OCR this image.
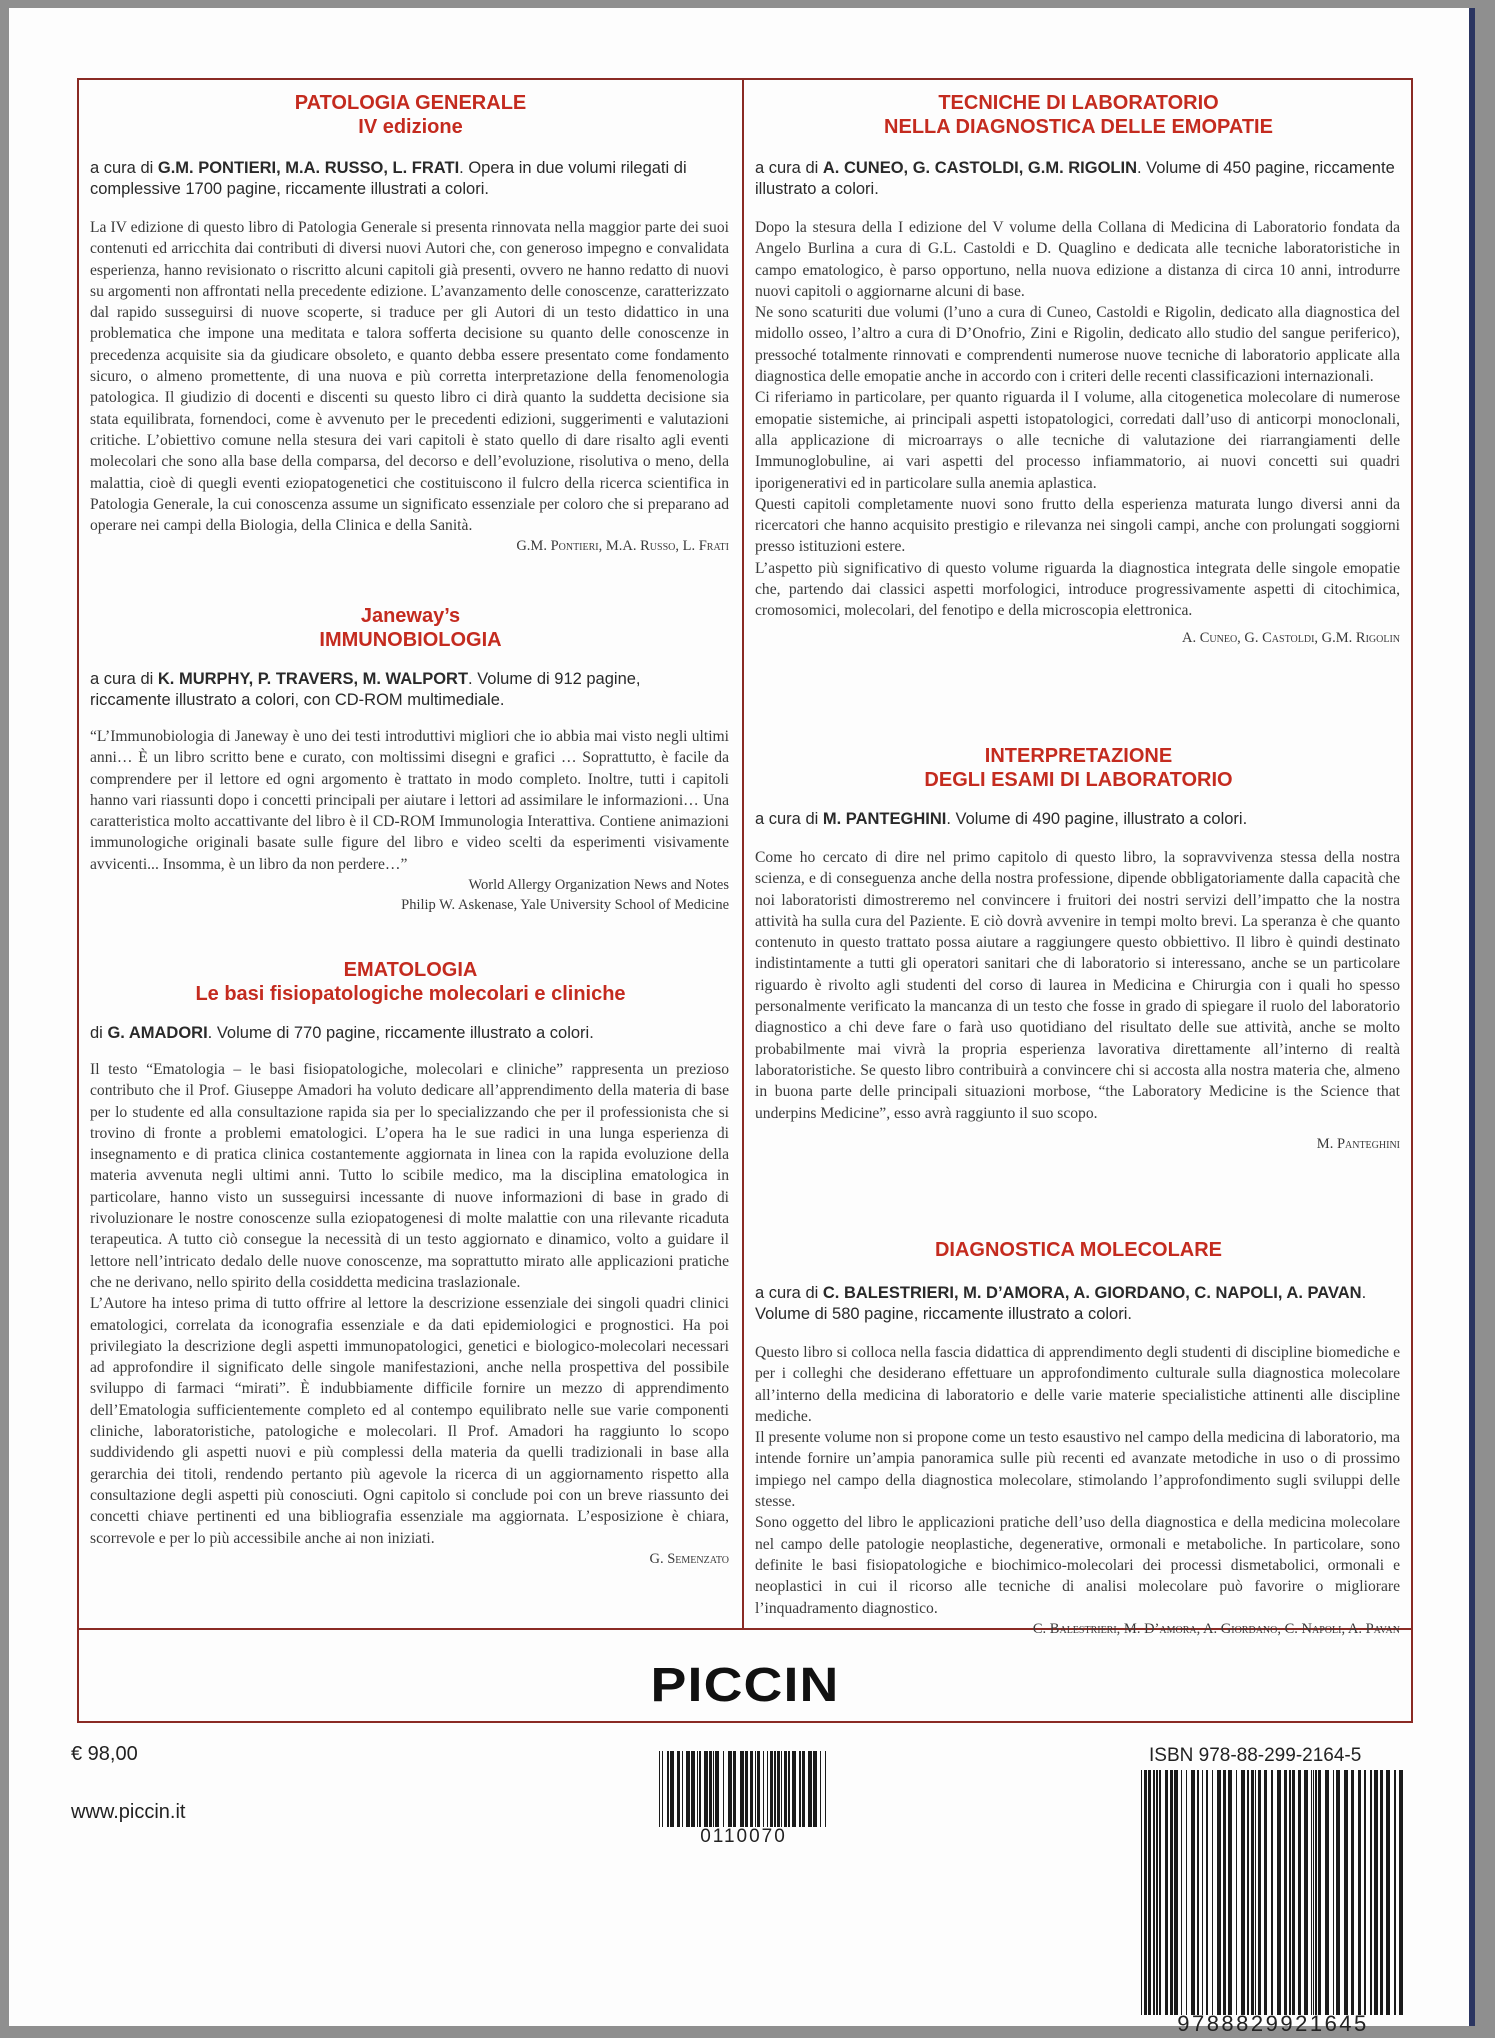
PATOLOGIA GENERALE
IV edizione
a cura di G.M. PONTIERI, M.A. RUSSO, L. FRATI. Opera in due volumi rilegati di complessive 1700 pagine, riccamente illustrati a colori.

La IV edizione di questo libro di Patologia Generale si presenta rinnovata nella maggior parte dei suoi contenuti ed arricchita dai contributi di diversi nuovi Autori che, con generoso impegno e convalidata esperienza, hanno revisionato o riscritto alcuni capitoli già presenti, ovvero ne hanno redatto di nuovi su argomenti non affrontati nella precedente edizione. L’avanzamento delle conoscenze, caratterizzato dal rapido susseguirsi di nuove scoperte, si traduce per gli Autori di un testo didattico in una problematica che impone una meditata e talora sofferta decisione su quanto delle conoscenze in precedenza acquisite sia da giudicare obsoleto, e quanto debba essere presentato come fondamento sicuro, o almeno promettente, di una nuova e più corretta interpretazione della fenomenologia patologica. Il giudizio di docenti e discenti su questo libro ci dirà quanto la suddetta decisione sia stata equilibrata, fornendoci, come è avvenuto per le precedenti edizioni, suggerimenti e valutazioni critiche. L’obiettivo comune nella stesura dei vari capitoli è stato quello di dare risalto agli eventi molecolari che sono alla base della comparsa, del decorso e dell’evoluzione, risolutiva o meno, della malattia, cioè di quegli eventi eziopatogenetici che costituiscono il fulcro della ricerca scientifica in Patologia Generale, la cui conoscenza assume un significato essenziale per coloro che si preparano ad operare nei campi della Biologia, della Clinica e della Sanità.

G.M. Pontieri, M.A. Russo, L. Frati
Janeway’s
IMMUNOBIOLOGIA
a cura di K. MURPHY, P. TRAVERS, M. WALPORT. Volume di 912 pagine, riccamente illustrato a colori, con CD-ROM multimediale.

“L’Immunobiologia di Janeway è uno dei testi introduttivi migliori che io abbia mai visto negli ultimi anni… È un libro scritto bene e curato, con moltissimi disegni e grafici … Soprattutto, è facile da comprendere per il lettore ed ogni argomento è trattato in modo completo. Inoltre, tutti i capitoli hanno vari riassunti dopo i concetti principali per aiutare i lettori ad assimilare le informazioni… Una caratteristica molto accattivante del libro è il CD-ROM Immunologia Interattiva. Contiene animazioni immunologiche originali basate sulle figure del libro e video scelti da esperimenti visivamente avvicenti... Insomma, è un libro da non perdere…”

World Allergy Organization News and Notes
Philip W. Askenase, Yale University School of Medicine
EMATOLOGIA
Le basi fisiopatologiche molecolari e cliniche
di G. AMADORI. Volume di 770 pagine, riccamente illustrato a colori.

Il testo “Ematologia – le basi fisiopatologiche, molecolari e cliniche” rappresenta un prezioso contributo che il Prof. Giuseppe Amadori ha voluto dedicare all’apprendimento della materia di base per lo studente ed alla consultazione rapida sia per lo specializzando che per il professionista che si trovino di fronte a problemi ematologici. L’opera ha le sue radici in una lunga esperienza di insegnamento e di pratica clinica costantemente aggiornata in linea con la rapida evoluzione della materia avvenuta negli ultimi anni. Tutto lo scibile medico, ma la disciplina ematologica in particolare, hanno visto un susseguirsi incessante di nuove informazioni di base in grado di rivoluzionare le nostre conoscenze sulla eziopatogenesi di molte malattie con una rilevante ricaduta terapeutica. A tutto ciò consegue la necessità di un testo aggiornato e dinamico, volto a guidare il lettore nell’intricato dedalo delle nuove conoscenze, ma soprattutto mirato alle applicazioni pratiche che ne derivano, nello spirito della cosiddetta medicina traslazionale.

L’Autore ha inteso prima di tutto offrire al lettore la descrizione essenziale dei singoli quadri clinici ematologici, correlata da iconografia essenziale e da dati epidemiologici e prognostici. Ha poi privilegiato la descrizione degli aspetti immunopatologici, genetici e biologico-molecolari necessari ad approfondire il significato delle singole manifestazioni, anche nella prospettiva del possibile sviluppo di farmaci “mirati”. È indubbiamente difficile fornire un mezzo di apprendimento dell’Ematologia sufficientemente completo ed al contempo equilibrato nelle sue varie componenti cliniche, laboratoristiche, patologiche e molecolari. Il Prof. Amadori ha raggiunto lo scopo suddividendo gli aspetti nuovi e più complessi della materia da quelli tradizionali in base alla gerarchia dei titoli, rendendo pertanto più agevole la ricerca di un aggiornamento rispetto alla consultazione degli aspetti più conosciuti. Ogni capitolo si conclude poi con un breve riassunto dei concetti chiave pertinenti ed una bibliografia essenziale ma aggiornata. L’esposizione è chiara, scorrevole e per lo più accessibile anche ai non iniziati.

G. Semenzato
TECNICHE DI LABORATORIO
NELLA DIAGNOSTICA DELLE EMOPATIE
a cura di A. CUNEO, G. CASTOLDI, G.M. RIGOLIN. Volume di 450 pagine, riccamente illustrato a colori.

Dopo la stesura della I edizione del V volume della Collana di Medicina di Laboratorio fondata da Angelo Burlina a cura di G.L. Castoldi e D. Quaglino e dedicata alle tecniche laboratoristiche in campo ematologico, è parso opportuno, nella nuova edizione a distanza di circa 10 anni, introdurre nuovi capitoli o aggiornarne alcuni di base.

Ne sono scaturiti due volumi (l’uno a cura di Cuneo, Castoldi e Rigolin, dedicato alla diagnostica del midollo osseo, l’altro a cura di D’Onofrio, Zini e Rigolin, dedicato allo studio del sangue periferico), pressoché totalmente rinnovati e comprendenti numerose nuove tecniche di laboratorio applicate alla diagnostica delle emopatie anche in accordo con i criteri delle recenti classificazioni internazionali.

Ci riferiamo in particolare, per quanto riguarda il I volume, alla citogenetica molecolare di numerose emopatie sistemiche, ai principali aspetti istopatologici, corredati dall’uso di anticorpi monoclonali, alla applicazione di microarrays o alle tecniche di valutazione dei riarrangiamenti delle Immunoglobuline, ai vari aspetti del processo infiammatorio, ai nuovi concetti sui quadri iporigenerativi ed in particolare sulla anemia aplastica.

Questi capitoli completamente nuovi sono frutto della esperienza maturata lungo diversi anni da ricercatori che hanno acquisito prestigio e rilevanza nei singoli campi, anche con prolungati soggiorni presso istituzioni estere.

L’aspetto più significativo di questo volume riguarda la diagnostica integrata delle singole emopatie che, partendo dai classici aspetti morfologici, introduce progressivamente aspetti di citochimica, cromosomici, molecolari, del fenotipo e della microscopia elettronica.

A. Cuneo, G. Castoldi, G.M. Rigolin
INTERPRETAZIONE
DEGLI ESAMI DI LABORATORIO
a cura di M. PANTEGHINI. Volume di 490 pagine, illustrato a colori.

Come ho cercato di dire nel primo capitolo di questo libro, la sopravvivenza stessa della nostra scienza, e di conseguenza anche della nostra professione, dipende obbligatoriamente dalla capacità che noi laboratoristi dimostreremo nel convincere i fruitori dei nostri servizi dell’impatto che la nostra attività ha sulla cura del Paziente. E ciò dovrà avvenire in tempi molto brevi. La speranza è che quanto contenuto in questo trattato possa aiutare a raggiungere questo obbiettivo. Il libro è quindi destinato indistintamente a tutti gli operatori sanitari che di laboratorio si interessano, anche se un particolare riguardo è rivolto agli studenti del corso di laurea in Medicina e Chirurgia con i quali ho spesso personalmente verificato la mancanza di un testo che fosse in grado di spiegare il ruolo del laboratorio diagnostico a chi deve fare o farà uso quotidiano del risultato delle sue attività, anche se molto probabilmente mai vivrà la propria esperienza lavorativa direttamente all’interno di realtà laboratoristiche. Se questo libro contribuirà a convincere chi si accosta alla nostra materia che, almeno in buona parte delle principali situazioni morbose, “the Laboratory Medicine is the Science that underpins Medicine”, esso avrà raggiunto il suo scopo.

M. Panteghini
DIAGNOSTICA MOLECOLARE
a cura di C. BALESTRIERI, M. D’AMORA, A. GIORDANO, C. NAPOLI, A. PAVAN. Volume di 580 pagine, riccamente illustrato a colori.

Questo libro si colloca nella fascia didattica di apprendimento degli studenti di discipline biomediche e per i colleghi che desiderano effettuare un approfondimento culturale sulla diagnostica molecolare all’interno della medicina di laboratorio e delle varie materie specialistiche attinenti alle discipline mediche.

Il presente volume non si propone come un testo esaustivo nel campo della medicina di laboratorio, ma intende fornire un’ampia panoramica sulle più recenti ed avanzate metodiche in uso o di prossimo impiego nel campo della diagnostica molecolare, stimolando l’approfondimento sugli sviluppi delle stesse.

Sono oggetto del libro le applicazioni pratiche dell’uso della diagnostica e della medicina molecolare nel campo delle patologie neoplastiche, degenerative, ormonali e metaboliche. In particolare, sono definite le basi fisiopatologiche e biochimico-molecolari dei processi dismetabolici, ormonali e neoplastici in cui il ricorso alle tecniche di analisi molecolare può favorire o migliorare l’inquadramento diagnostico.

C. Balestrieri, M. D’amora, A. Giordano, C. Napoli, A. Pavan
PICCIN
€ 98,00
www.piccin.it
ISBN 978-88-299-2164-5
0110070
9788829921645
